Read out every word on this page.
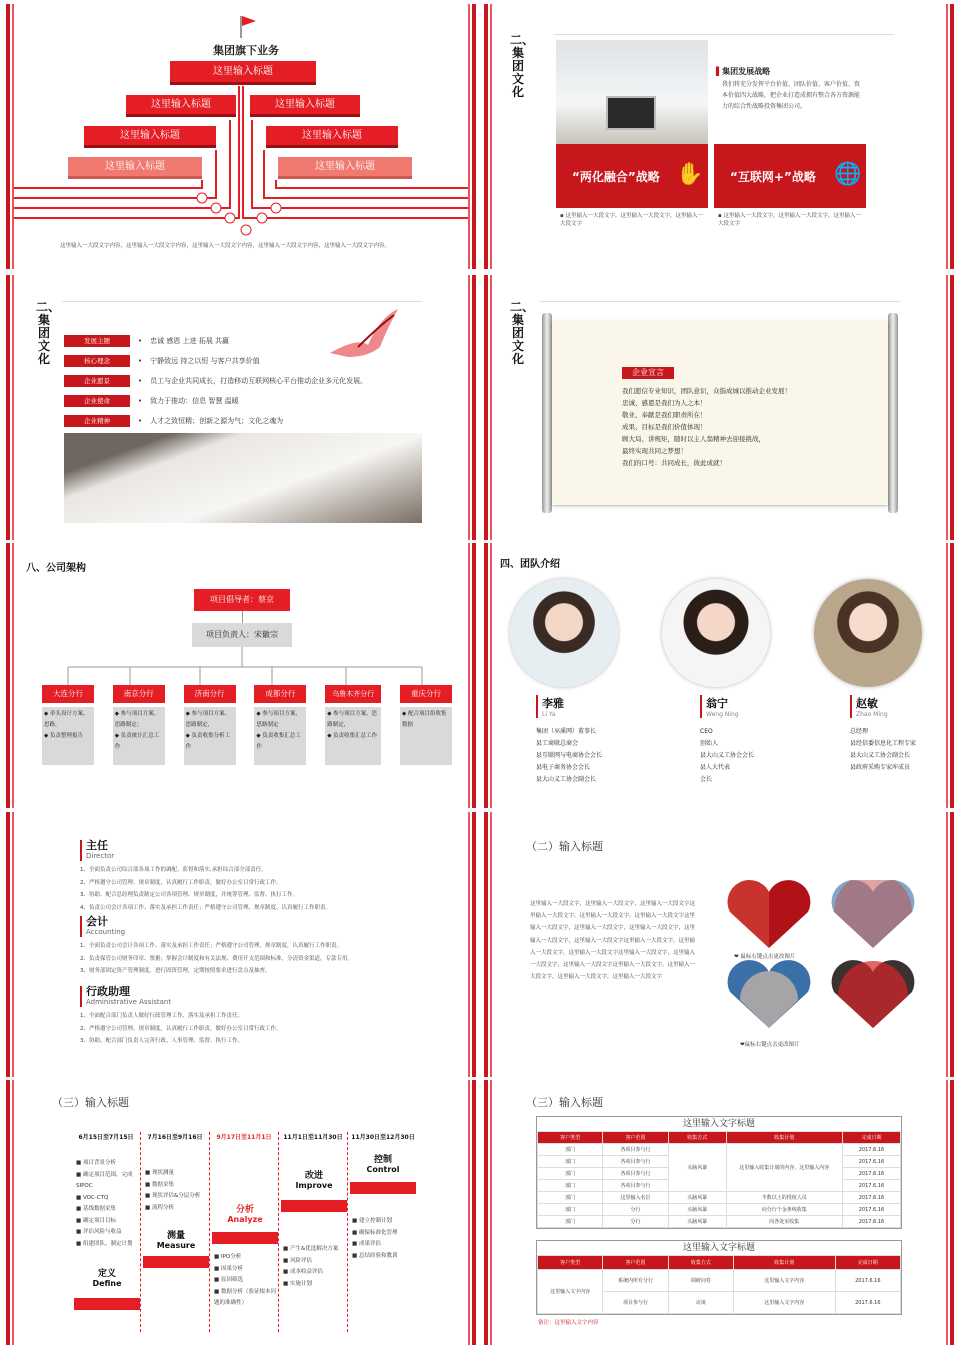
集团旗下业务
这里输入标题
这里输入标题	这里输入标题
这里输入标题	这里输入标题
这里输入标题	这里输入标题
这里输入一大段文字内容，这里输入一大段文字内容，这里输入一大段文字内容，这里输入一大段文字内容，这里输入一大段文字内容。
二、集团文化
▌集团发展战略
我们将充分发挥平台价值、团队价值、客户价值、资本价值四大战略，把企业打造成拥有整合各方资源能力的综合性战略投资集团公司。
“两化融合”战略 ✋ “互联网+”战略 🌐
▪ 这里输入一大段文字，这里输入一大段文字，这里输入一大段文字
▪ 这里输入一大段文字，这里输入一大段文字，这里输入一大段文字
二、集团文化
发展主题	• 忠诚 感恩 上进 拓展 共赢
核心理念	• 宁静致远 持之以恒 与客户共享价值
企业愿景	• 员工与企业共同成长，打造移动互联网核心平台推动企业多元化发展。
企业使命	• 致力于推动：信息 智慧 温暖
企业精神	• 人才之致恒精；创新之源为气；文化之魂为
二、集团文化
企业宣言
我们愿信专业知识，团队意识，众指成城以推动企业发展！
忠诚、感恩是我们为人之本！
敬业、奉献是我们职责所在！
成果、目标是我们价值体现！
顾大局、讲规矩，随时以主人翁精神去迎接挑战，
最终实现共同之梦想！
我们的口号：共同成长，彼此成就！
八、公司架构
项目倡导者：蔡京
项目负责人：宋徽宗
大连分行
◆ 牵头设计方案、思路，
◆ 负责整理报告
南京分行
◆ 参与项目方案、思路制定；
◆ 负责统计汇总工作
济南分行
◆ 参与项目方案、思路制定，
◆ 负责收集分析工作
成都分行
◆ 参与项目方案、思路制定
◆ 负责收集汇总工作
乌鲁木齐分行
◆ 参与项目方案、思路制定，
◆ 负责收集汇总工作
重庆分行
◆ 配合项目组收集数据
四、团队介绍
李雅
Li Ya
集团（巫溪网）董事长
县工商联总商会
县互联网与电商协会会长
县电子商务协会会长
县大山义工协会副会长
翁宁
Weng Ning
CEO
创始人
县大山义工协会会长
县人大代表
会长
赵敏
Zhao Ming
总经理
县经信委信息化工程专家
县大山义工协会副会长
县政府采购专家库成员
主任
Director
1、全面负责公司综合部各项工作的调配、监督和落实,承担综合部全部责任。
2、严格遵守公司管理、规章制度，认真履行工作职责，做好办公室日常行政工作。
3、协助、配合总经理负责制定公司各项管理、规章制度，并统筹管理、监督、执行工作。
4、负责公司会计各项工作、落实及承担工作责任；严格遵守公司管理、规章制度，认真履行工作职责。
会计
Accounting
1、全面负责公司会计各项工作、落实及承担工作责任；严格遵守公司管理、规章制度，认真履行工作职责。
2、负责保管公司财务印章、票据；掌握会计制度和有关法规、费用开支范围和标准，分清资金渠道，专款专用。
3、财务部固定资产管理制度，进行固资管理，定期按照要求进行盘点及抽查。
行政助理
Administrative Assistant
1、全面配合部门负责人做好行政管理工作、落实及承担工作责任。
2、严格遵守公司管理、规章制度，认真履行工作职责，做好办公室日常行政工作。
3、协助、配合部门负责人完善行政、人事管理、监督、执行工作。
（二）输入标题
这里输入一大段文字，这里输入一大段文字，这里输入一大段文字这里输入一大段文字，这里输入一大段文字，这里输入一大段文字这里输入一大段文字，这里输入一大段文字，这里输入一大段文字，这里输入一大段文字，这里输入一大段文字这里输入一大段文字，这里输入一大段文字，这里输入一大段文字这里输入一大段文字，这里输入一大段文字，这里输入一大段文字这里输入一大段文字，这里输入一大段文字，这里输入一大段文字，这里输入一大段文字
❤ 鼠标右键点击更改图片
❤鼠标右键点击更改图片
（三）输入标题
6月15日至7月15日
■ 项目背景分析
■ 确定项目范围，完成SIPOC
■ VOC-CTQ
■ 基线数据采集
■ 确定项目目标
■ 评估风险与收益
■ 组建团队、制定计划
定义
Define
7月16日至9月16日
■ 现状测量
■ 数据采集
■ 现状评估&分层分析
■ 流程分析
测量
Measure
9月17日至11月1日
分析
Analyze
■ IPO分析
■ 因果分析
■ 原因筛选
■ 数据分析（验证根本问题的准确性）
11月1日至11月30日
改进
Improve
■ 产生&优选解决方案
■ 风险评估
■ 成本收益评估
■ 实施计划
11月30日至12月30日
控制
Control
■ 建立控制计划
■ 确保标准化管理
■ 成果评估
■ 总结经验和教训
（三）输入标题
这里输入文字标题
客户类型	客户范围	收集方式	收集计划	完成日期
部门	各项目参与行	头脑风暴	这里输入收集计划的内容，这里输入内容	2017.6.16
部门	各项目参与行			2017.6.16
部门	各项目参与行			2017.6.16
部门	各项目参与行			2017.6.16
部门	这里输入名臣	头脑风暴	半数以上的授权人员	2017.6.16
部门	分行	头脑风暴	向分行个金条线收集	2017.6.16
部门	分行	头脑风暴	向各处室收集	2017.6.16
这里输入文字标题
客户类型	客户范围	收集方式	收集计划	完成日期
这里输入文字内容	系统内所有分行	调研问卷	这里输入文字内容	2017.6.16
	项目参与行	访谈	这里输入文字内容	2017.6.16
备注：这里输入文字内容
